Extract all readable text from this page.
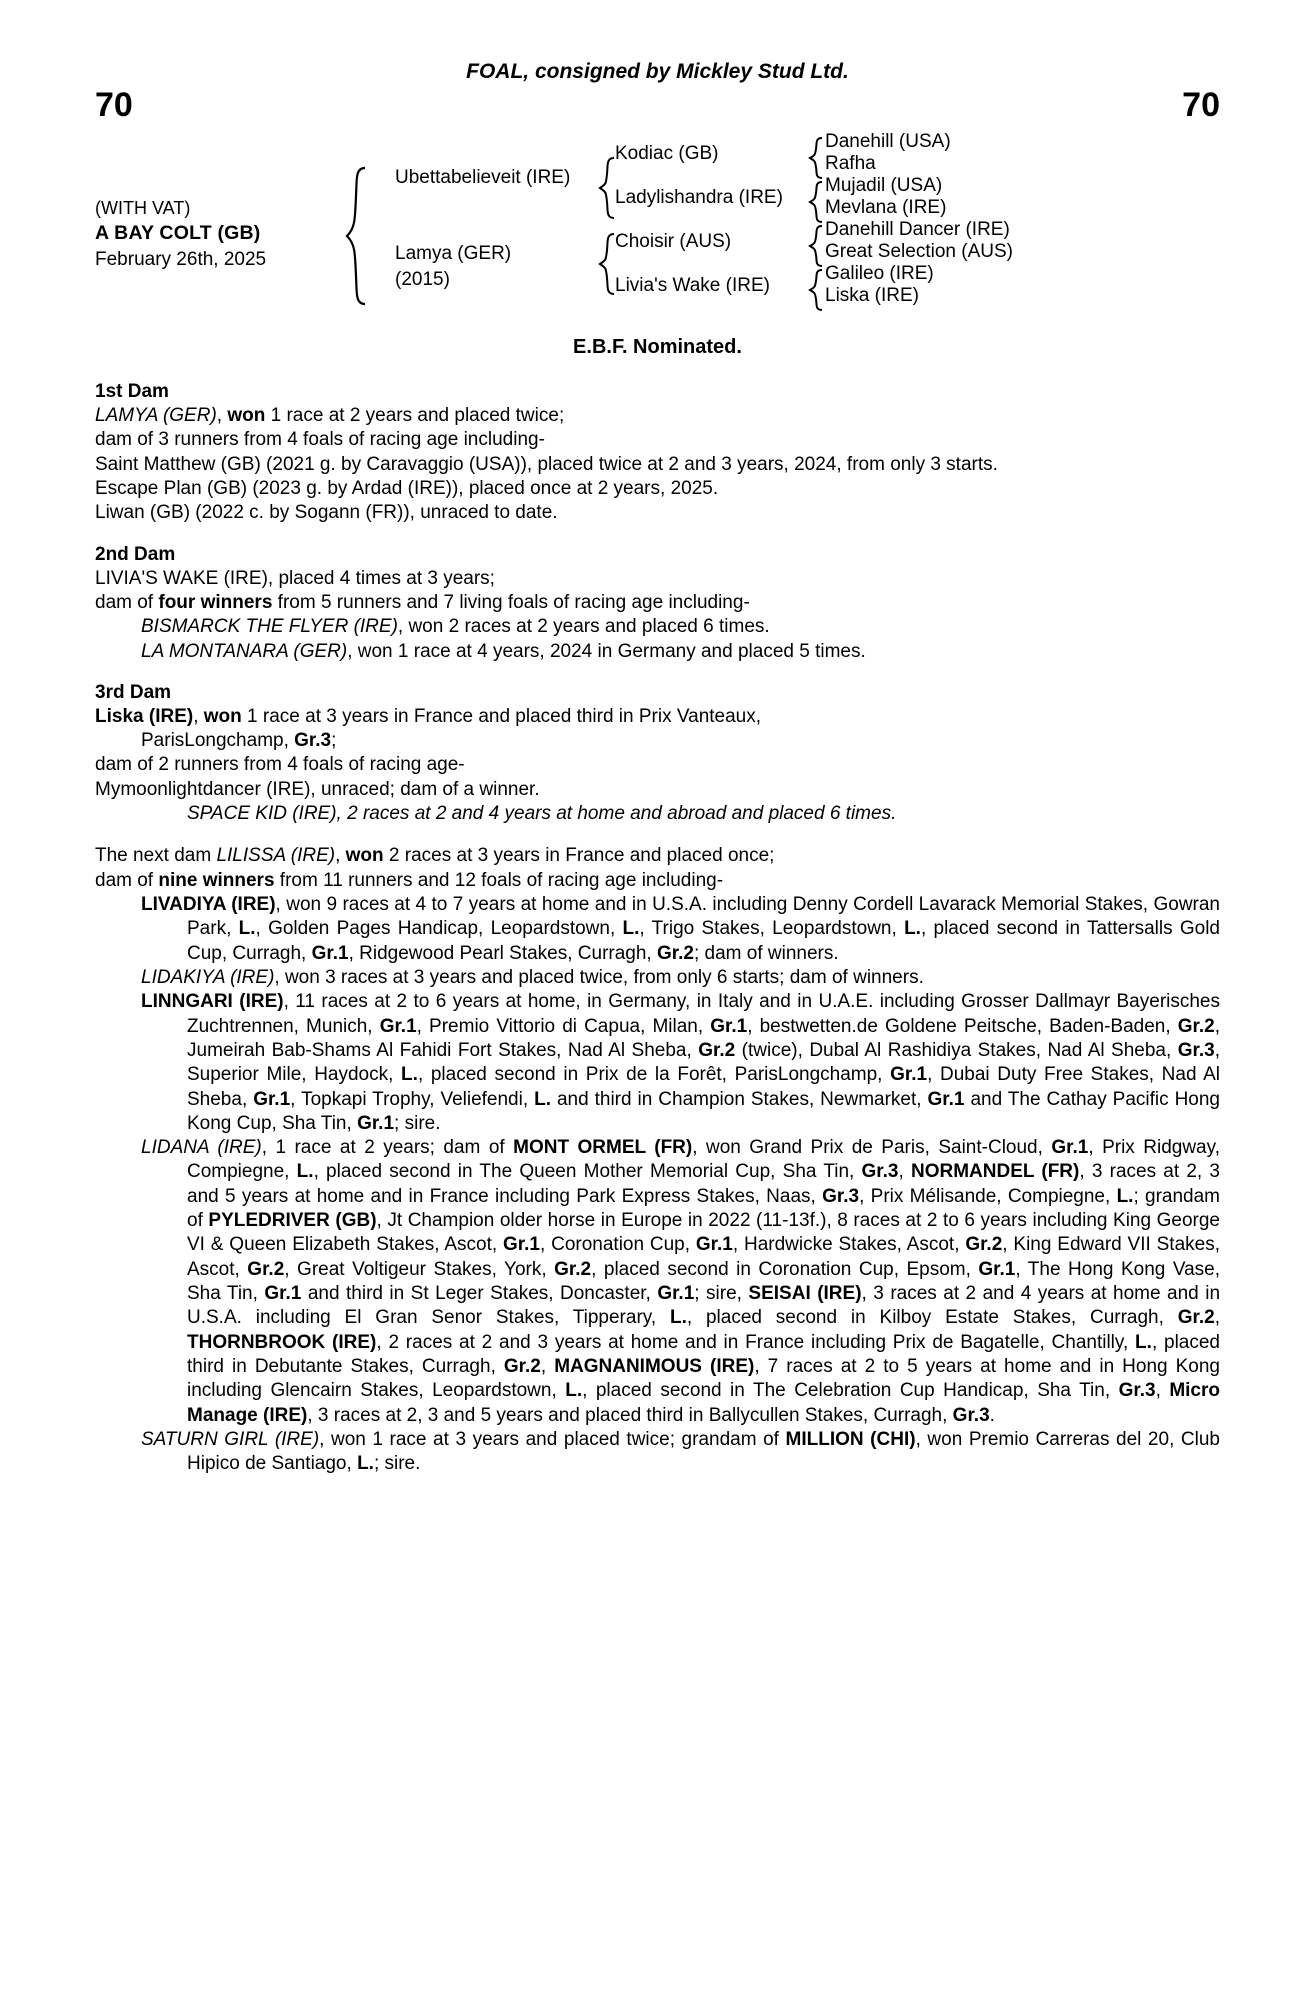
FOAL, consigned by Mickley Stud Ltd.
70	70
(WITH VAT)
A BAY COLT (GB)
February 26th, 2025
Ubettabelieveit (IRE)
Lamya (GER)
(2015)
Kodiac (GB)
Ladylishandra (IRE)
Choisir (AUS)
Livia's Wake (IRE)
Danehill (USA)
Rafha
Mujadil (USA)
Mevlana (IRE)
Danehill Dancer (IRE)
Great Selection (AUS)
Galileo (IRE)
Liska (IRE)
E.B.F. Nominated.
1st Dam

LAMYA (GER), won 1 race at 2 years and placed twice;

dam of 3 runners from 4 foals of racing age including-

Saint Matthew (GB) (2021 g. by Caravaggio (USA)), placed twice at 2 and 3 years, 2024, from only 3 starts.

Escape Plan (GB) (2023 g. by Ardad (IRE)), placed once at 2 years, 2025.

Liwan (GB) (2022 c. by Sogann (FR)), unraced to date.

2nd Dam

LIVIA'S WAKE (IRE), placed 4 times at 3 years;

dam of four winners from 5 runners and 7 living foals of racing age including-

BISMARCK THE FLYER (IRE), won 2 races at 2 years and placed 6 times.

LA MONTANARA (GER), won 1 race at 4 years, 2024 in Germany and placed 5 times.

3rd Dam

Liska (IRE), won 1 race at 3 years in France and placed third in Prix Vanteaux,

ParisLongchamp, Gr.3;

dam of 2 runners from 4 foals of racing age-

Mymoonlightdancer (IRE), unraced; dam of a winner.

SPACE KID (IRE), 2 races at 2 and 4 years at home and abroad and placed 6 times.

The next dam LILISSA (IRE), won 2 races at 3 years in France and placed once;

dam of nine winners from 11 runners and 12 foals of racing age including-

LIVADIYA (IRE), won 9 races at 4 to 7 years at home and in U.S.A. including Denny Cordell Lavarack Memorial Stakes, Gowran Park, L., Golden Pages Handicap, Leopardstown, L., Trigo Stakes, Leopardstown, L., placed second in Tattersalls Gold Cup, Curragh, Gr.1, Ridgewood Pearl Stakes, Curragh, Gr.2; dam of winners.

LIDAKIYA (IRE), won 3 races at 3 years and placed twice, from only 6 starts; dam of winners.

LINNGARI (IRE), 11 races at 2 to 6 years at home, in Germany, in Italy and in U.A.E. including Grosser Dallmayr Bayerisches Zuchtrennen, Munich, Gr.1, Premio Vittorio di Capua, Milan, Gr.1, bestwetten.de Goldene Peitsche, Baden-Baden, Gr.2, Jumeirah Bab-Shams Al Fahidi Fort Stakes, Nad Al Sheba, Gr.2 (twice), Dubal Al Rashidiya Stakes, Nad Al Sheba, Gr.3, Superior Mile, Haydock, L., placed second in Prix de la Forêt, ParisLongchamp, Gr.1, Dubai Duty Free Stakes, Nad Al Sheba, Gr.1, Topkapi Trophy, Veliefendi, L. and third in Champion Stakes, Newmarket, Gr.1 and The Cathay Pacific Hong Kong Cup, Sha Tin, Gr.1; sire.

LIDANA (IRE), 1 race at 2 years; dam of MONT ORMEL (FR), won Grand Prix de Paris, Saint-Cloud, Gr.1, Prix Ridgway, Compiegne, L., placed second in The Queen Mother Memorial Cup, Sha Tin, Gr.3, NORMANDEL (FR), 3 races at 2, 3 and 5 years at home and in France including Park Express Stakes, Naas, Gr.3, Prix Mélisande, Compiegne, L.; grandam of PYLEDRIVER (GB), Jt Champion older horse in Europe in 2022 (11-13f.), 8 races at 2 to 6 years including King George VI & Queen Elizabeth Stakes, Ascot, Gr.1, Coronation Cup, Gr.1, Hardwicke Stakes, Ascot, Gr.2, King Edward VII Stakes, Ascot, Gr.2, Great Voltigeur Stakes, York, Gr.2, placed second in Coronation Cup, Epsom, Gr.1, The Hong Kong Vase, Sha Tin, Gr.1 and third in St Leger Stakes, Doncaster, Gr.1; sire, SEISAI (IRE), 3 races at 2 and 4 years at home and in U.S.A. including El Gran Senor Stakes, Tipperary, L., placed second in Kilboy Estate Stakes, Curragh, Gr.2, THORNBROOK (IRE), 2 races at 2 and 3 years at home and in France including Prix de Bagatelle, Chantilly, L., placed third in Debutante Stakes, Curragh, Gr.2, MAGNANIMOUS (IRE), 7 races at 2 to 5 years at home and in Hong Kong including Glencairn Stakes, Leopardstown, L., placed second in The Celebration Cup Handicap, Sha Tin, Gr.3, Micro Manage (IRE), 3 races at 2, 3 and 5 years and placed third in Ballycullen Stakes, Curragh, Gr.3.

SATURN GIRL (IRE), won 1 race at 3 years and placed twice; grandam of MILLION (CHI), won Premio Carreras del 20, Club Hipico de Santiago, L.; sire.
